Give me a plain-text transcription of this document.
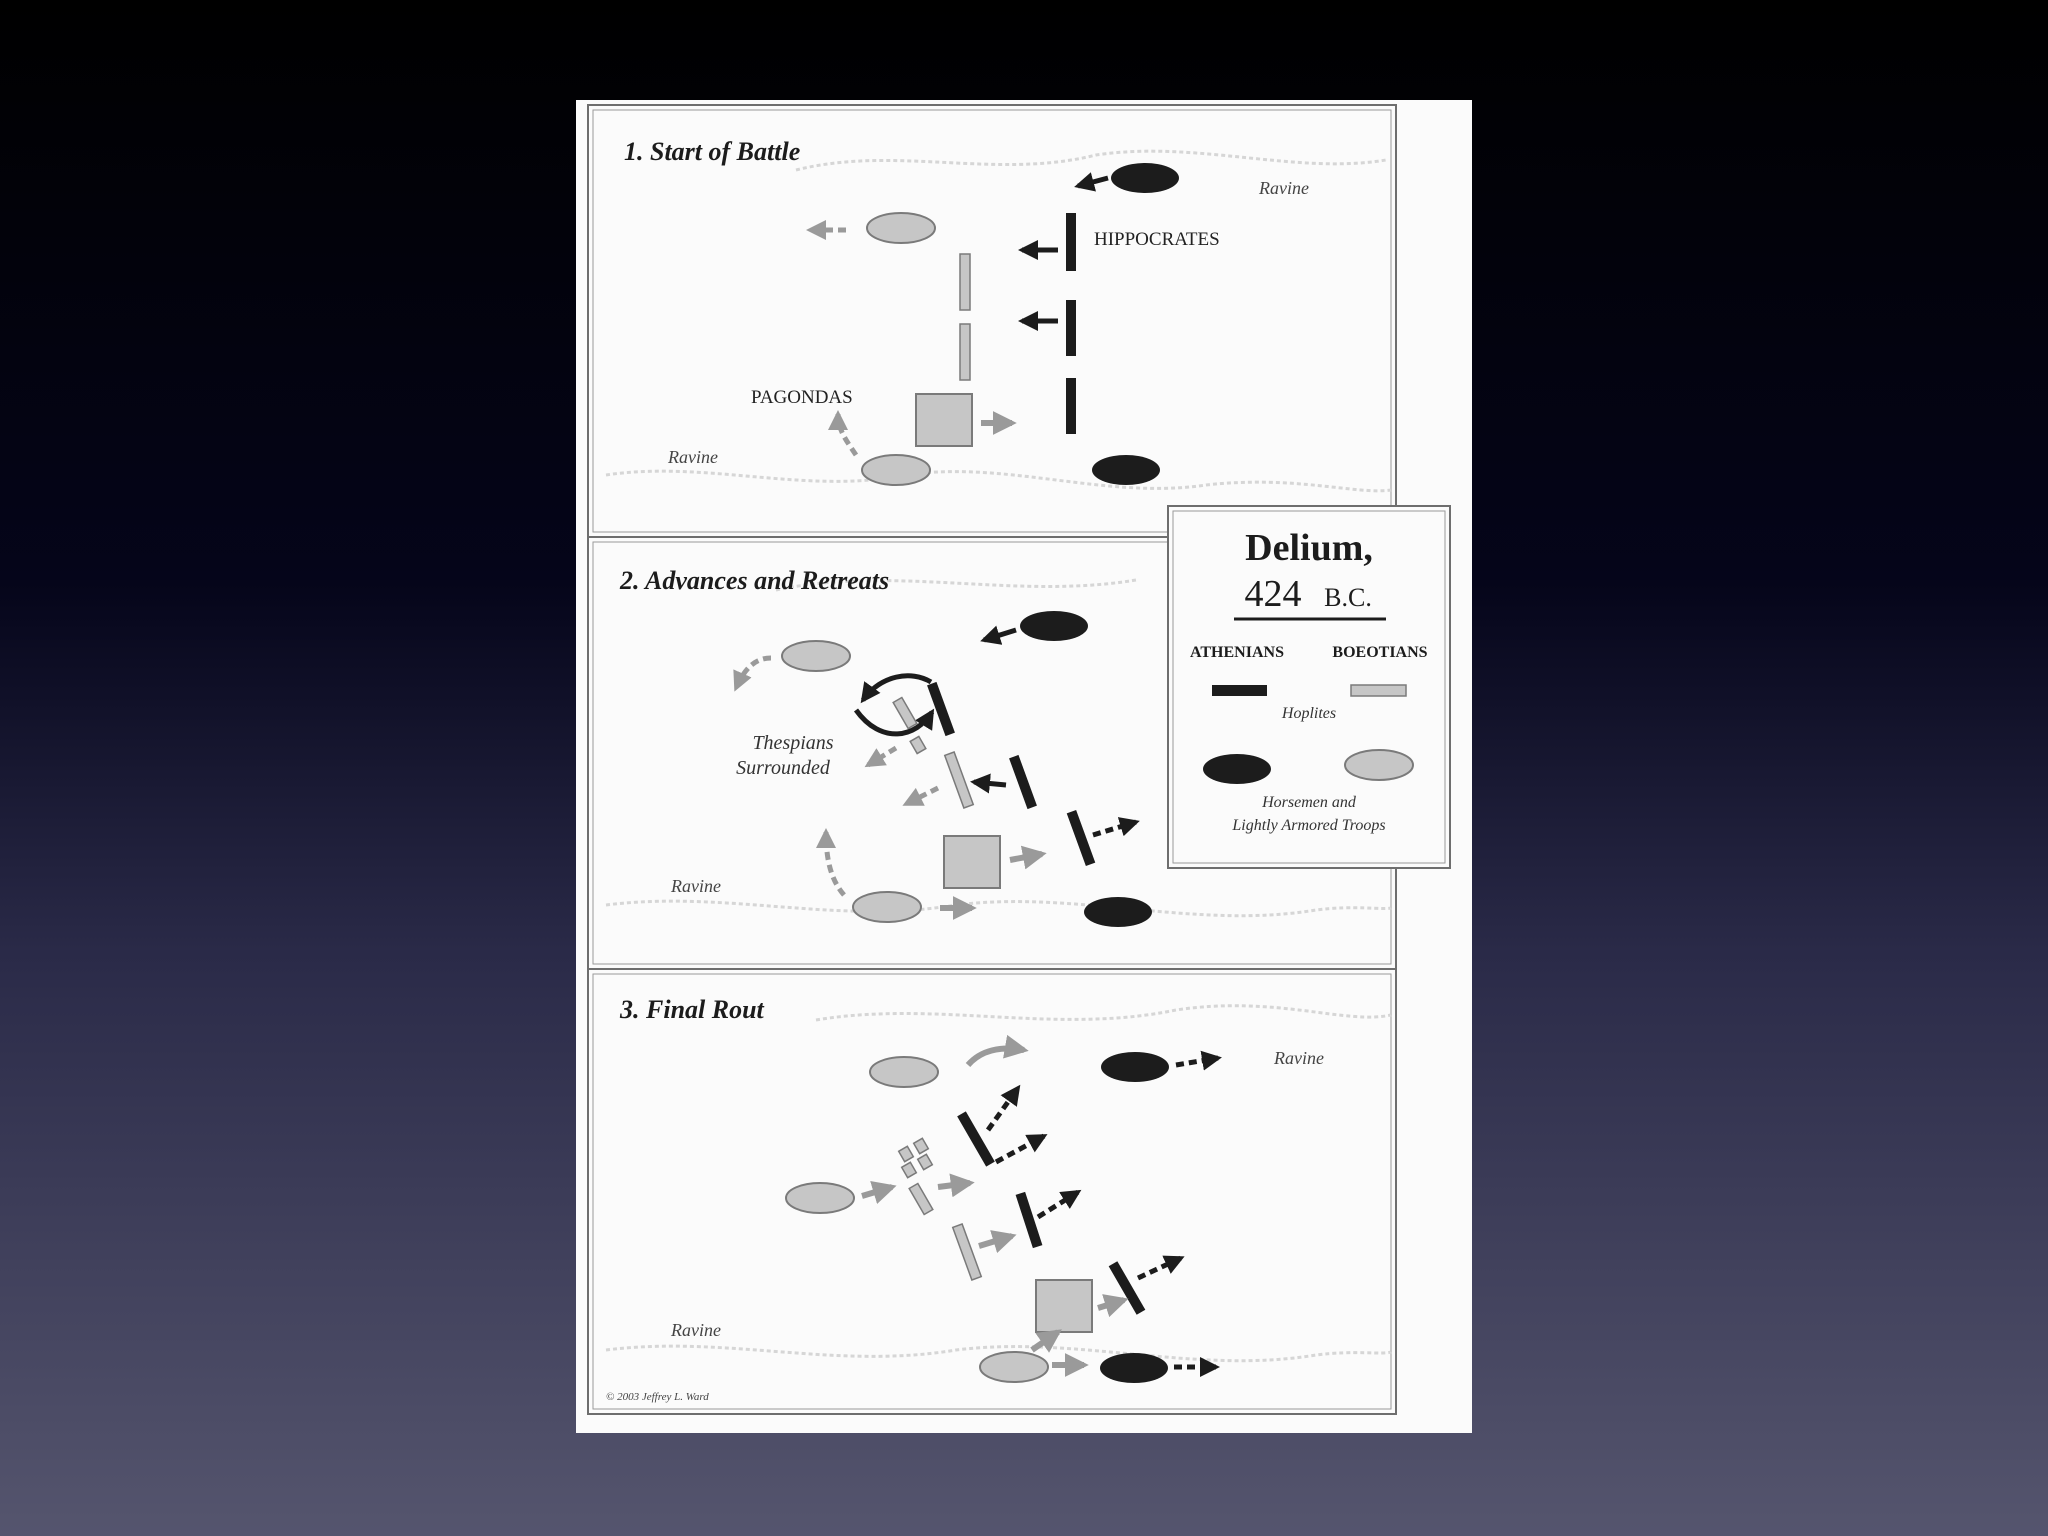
1. Start of Battle
Ravine
HIPPOCRATES
PAGONDAS
Ravine
2. Advances and Retreats
Thespians
Surrounded
Ravine
3. Final Rout
Ravine
Ravine
© 2003 Jeffrey L. Ward
Delium,
424 B.C.
ATHENIANS	BOEOTIANS
Hoplites
Horsemen and
Lightly Armored Troops
